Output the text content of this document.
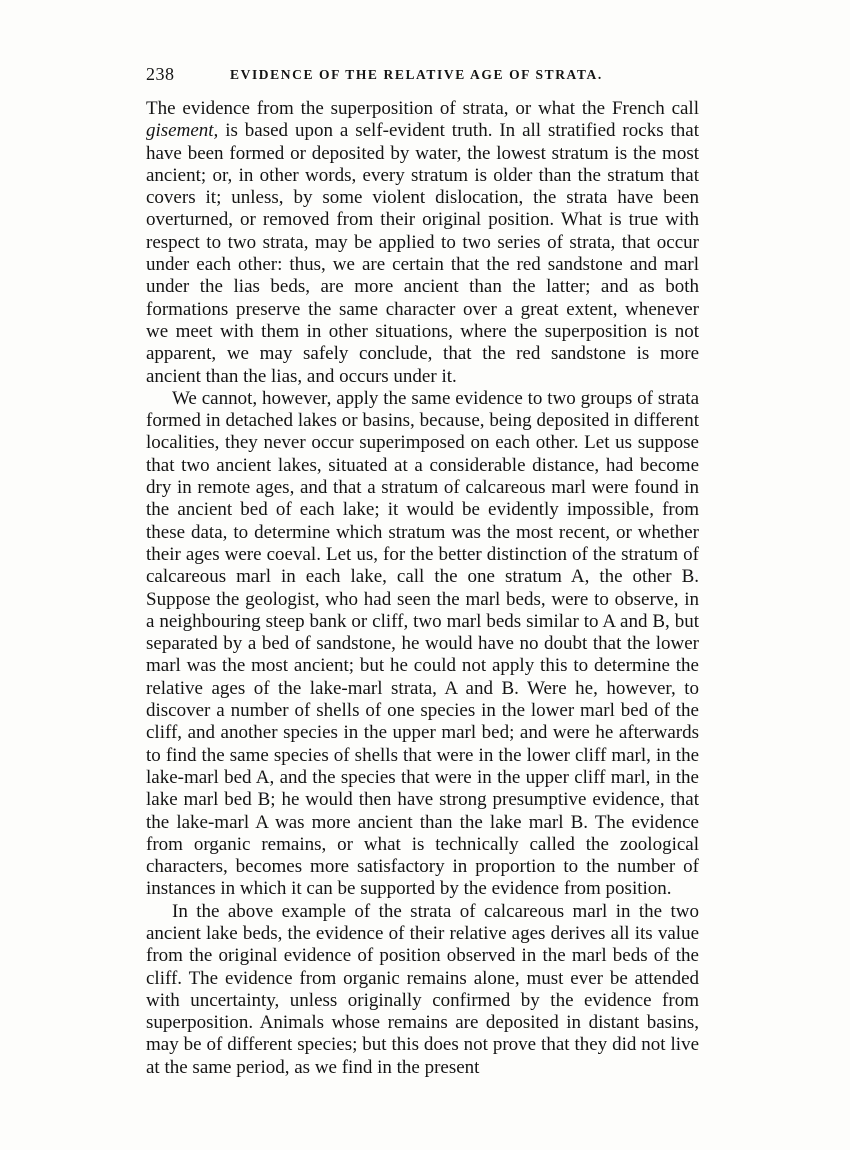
238	EVIDENCE OF THE RELATIVE AGE OF STRATA.

The evidence from the superposition of strata, or what the French call gisement, is based upon a self-evident truth. In all stratified rocks that have been formed or deposited by water, the lowest stratum is the most ancient; or, in other words, every stratum is older than the stratum that covers it; unless, by some violent dislocation, the strata have been overturned, or removed from their original position. What is true with respect to two strata, may be applied to two series of strata, that occur under each other: thus, we are certain that the red sandstone and marl under the lias beds, are more ancient than the latter; and as both formations preserve the same character over a great extent, whenever we meet with them in other situations, where the superposition is not apparent, we may safely conclude, that the red sandstone is more ancient than the lias, and occurs under it.

We cannot, however, apply the same evidence to two groups of strata formed in detached lakes or basins, because, being deposited in different localities, they never occur superimposed on each other. Let us suppose that two ancient lakes, situated at a considerable distance, had become dry in remote ages, and that a stratum of calcareous marl were found in the ancient bed of each lake; it would be evidently impossible, from these data, to determine which stratum was the most recent, or whether their ages were coeval. Let us, for the better distinction of the stratum of calcareous marl in each lake, call the one stratum A, the other B. Suppose the geologist, who had seen the marl beds, were to observe, in a neighbouring steep bank or cliff, two marl beds similar to A and B, but separated by a bed of sandstone, he would have no doubt that the lower marl was the most ancient; but he could not apply this to determine the relative ages of the lake-marl strata, A and B. Were he, however, to discover a number of shells of one species in the lower marl bed of the cliff, and another species in the upper marl bed; and were he afterwards to find the same species of shells that were in the lower cliff marl, in the lake-marl bed A, and the species that were in the upper cliff marl, in the lake marl bed B; he would then have strong presumptive evidence, that the lake-marl A was more ancient than the lake marl B. The evidence from organic remains, or what is technically called the zoological characters, becomes more satisfactory in proportion to the number of instances in which it can be supported by the evidence from position.

In the above example of the strata of calcareous marl in the two ancient lake beds, the evidence of their relative ages derives all its value from the original evidence of position observed in the marl beds of the cliff. The evidence from organic remains alone, must ever be attended with uncertainty, unless originally confirmed by the evidence from superposition. Animals whose remains are deposited in distant basins, may be of different species; but this does not prove that they did not live at the same period, as we find in the present
